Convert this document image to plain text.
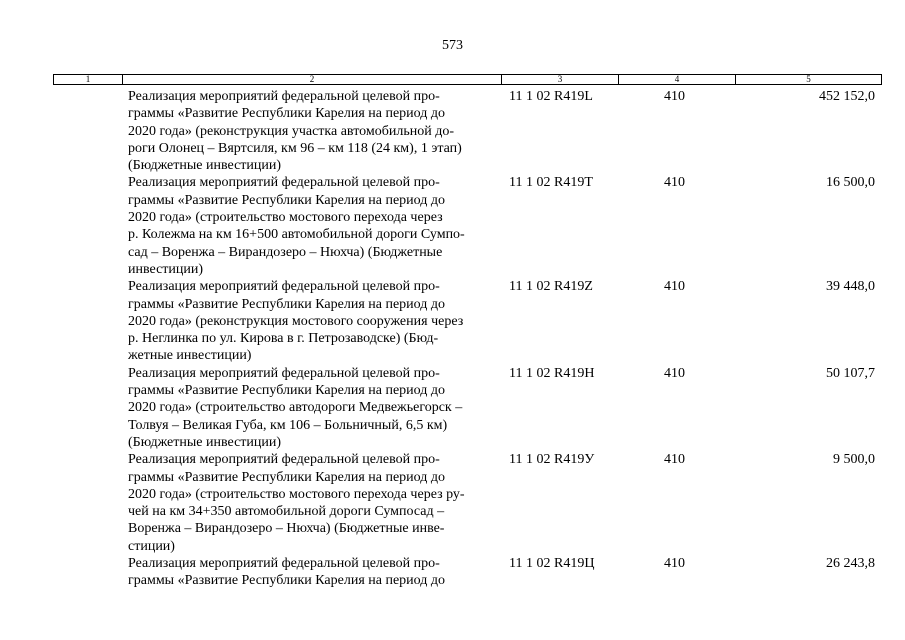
573
1	2	3	4	5
Реализация мероприятий федеральной целевой про-
граммы «Развитие Республики Карелия на период до
2020 года» (реконструкция участка автомобильной до-
роги Олонец – Вяртсиля, км 96 – км 118 (24 км), 1 этап)
(Бюджетные инвестиции)
11 1 02 R419L	410	452 152,0
Реализация мероприятий федеральной целевой про-
граммы «Развитие Республики Карелия на период до
2020 года» (строительство мостового перехода через
р. Колежма на км 16+500 автомобильной дороги Сумпо-
сад – Воренжа – Вирандозеро – Нюхча) (Бюджетные
инвестиции)
11 1 02 R419T	410	16 500,0
Реализация мероприятий федеральной целевой про-
граммы «Развитие Республики Карелия на период до
2020 года» (реконструкция мостового сооружения через
р. Неглинка по ул. Кирова в г. Петрозаводске) (Бюд-
жетные инвестиции)
11 1 02 R419Z	410	39 448,0
Реализация мероприятий федеральной целевой про-
граммы «Развитие Республики Карелия на период до
2020 года» (строительство автодороги Медвежьегорск –
Толвуя – Великая Губа, км 106 – Больничный, 6,5 км)
(Бюджетные инвестиции)
11 1 02 R419H	410	50 107,7
Реализация мероприятий федеральной целевой про-
граммы «Развитие Республики Карелия на период до
2020 года» (строительство мостового перехода через ру-
чей на км 34+350 автомобильной дороги Сумпосад –
Воренжа – Вирандозеро – Нюхча) (Бюджетные инве-
стиции)
11 1 02 R419У	410	9 500,0
Реализация мероприятий федеральной целевой про-
граммы «Развитие Республики Карелия на период до
11 1 02 R419Ц	410	26 243,8
